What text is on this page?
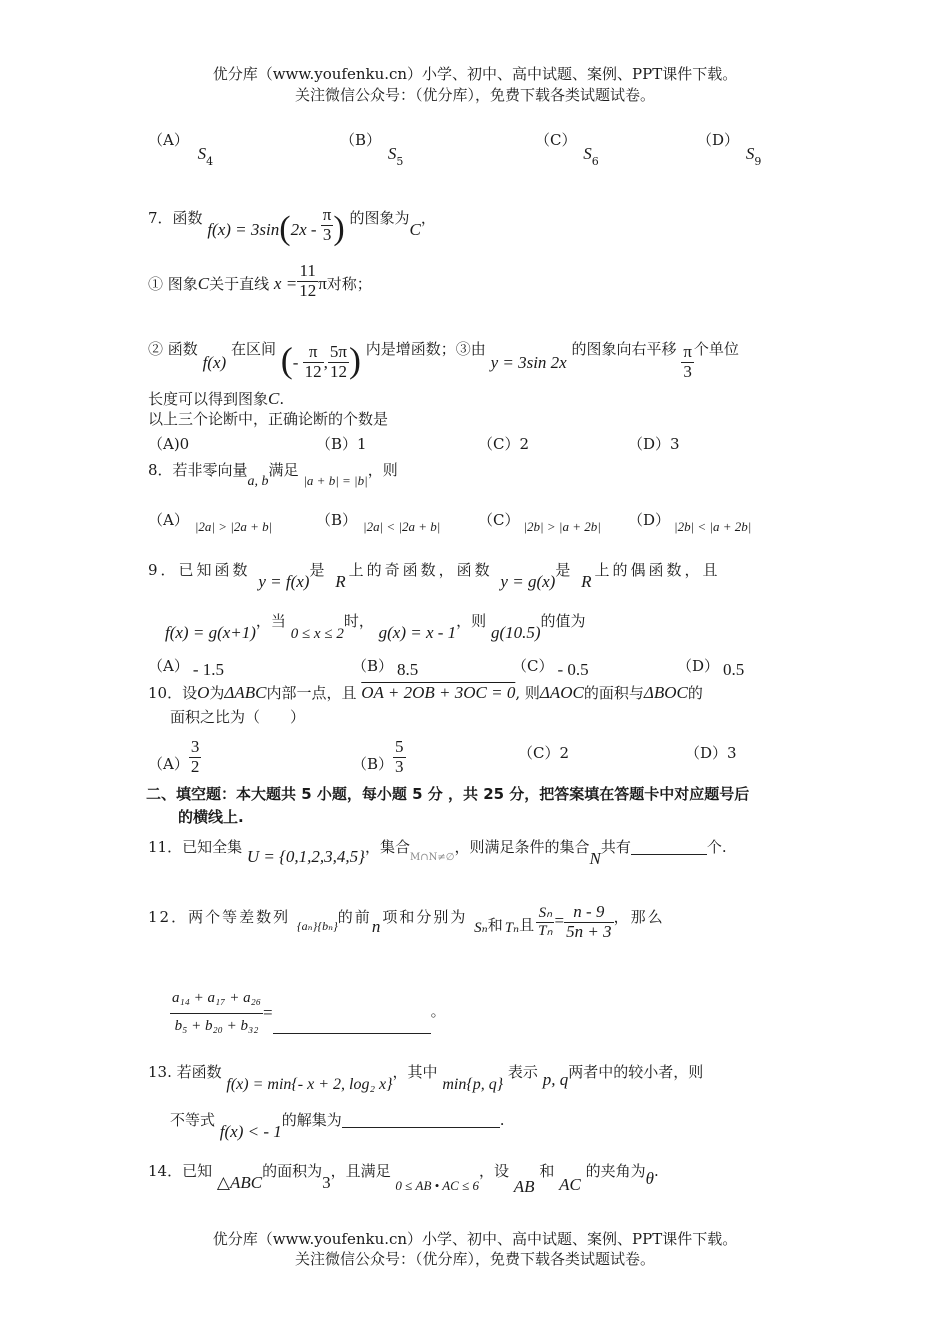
优分库（www.youfenku.cn）小学、初中、高中试题、案例、PPT课件下载。
关注微信公众号：（优分库），免费下载各类试题试卷。
（A） $S_4$
（B） $S_5$
（C） $S_6$
（D） $S_9$
7．函数 $f(x) = 3\sin(2x - \frac{\pi}{3}$ ) 的图象为C，
① 图象C关于直线 $x = \frac{11}{12}$ π对称；
② 函数 f(x) 在区间 (- $\frac{\pi}{12}$ , $\frac{5\pi}{12}$ ) 内是增函数；③由 y = 3sin 2x 的图象向右平移 $\frac{\pi}{3}$ 个单位
长度可以得到图象C.
以上三个论断中，正确论断的个数是
（A)0	（B）1	（C）2	（D）3
8．若非零向量a, b满足 |a + b| = |b|，则
（A） |2a| > |2a + b|	（B） |2a| < |2a + b|	（C） |2b| > |a + 2b| （D） |2b| < |a + 2b|
9．已知函数 y = f(x)是 R上的奇函数，函数 y = g(x)是 R上的偶函数，且
f(x) = g(x+1)，当 0 ≤ x ≤ 2时， g(x) = x - 1，则 g(10.5)的值为
（A） - 1.5	（B） 8.5	（C） - 0.5	（D） 0.5
10．设O为ΔABC内部一点，且 OA + 2OB + 3OC = 0, 则ΔAOC的面积与ΔBOC的
面积之比为（　　）
$(A) \frac{3}{2}$	$(B) \frac{5}{3}$	（C）2	（D）3
二、填空题：本大题共 5 小题，每小题 5 分 ，共 25 分，把答案填在答题卡中对应题号后
的横线上.
11．已知全集 U = {0,1,2,3,4,5}，集合$_{M\cap N\ne\emptyset}$，则满足条件的集合N共有	个.
12．两个等差数列 $_{\{a_n\}\{b_n\}}$的前n项和分别为 Sₙ和Tₙ且 $\frac{\text{Sₙ}}{\text{Tₙ}} = \frac{n - 9}{5n + 3}$ ，那么
$\frac{\text{a₁₄ + a₁₇ + a₂₆}}{\text{b₅ + b₂₀ + b₃₂}}$ =	。
13. 若函数 f(x) = min{- x + 2, log₂ x}，其中 min{p, q} 表示 p, q两者中的较小者，则
不等式 f(x) < - 1的解集为	.
14．已知 △ABC的面积为3，且满足 0 ≤ AB • AC ≤ 6，设 AB 和 AC 的夹角为θ.
优分库（www.youfenku.cn）小学、初中、高中试题、案例、PPT课件下载。
关注微信公众号：（优分库），免费下载各类试题试卷。
